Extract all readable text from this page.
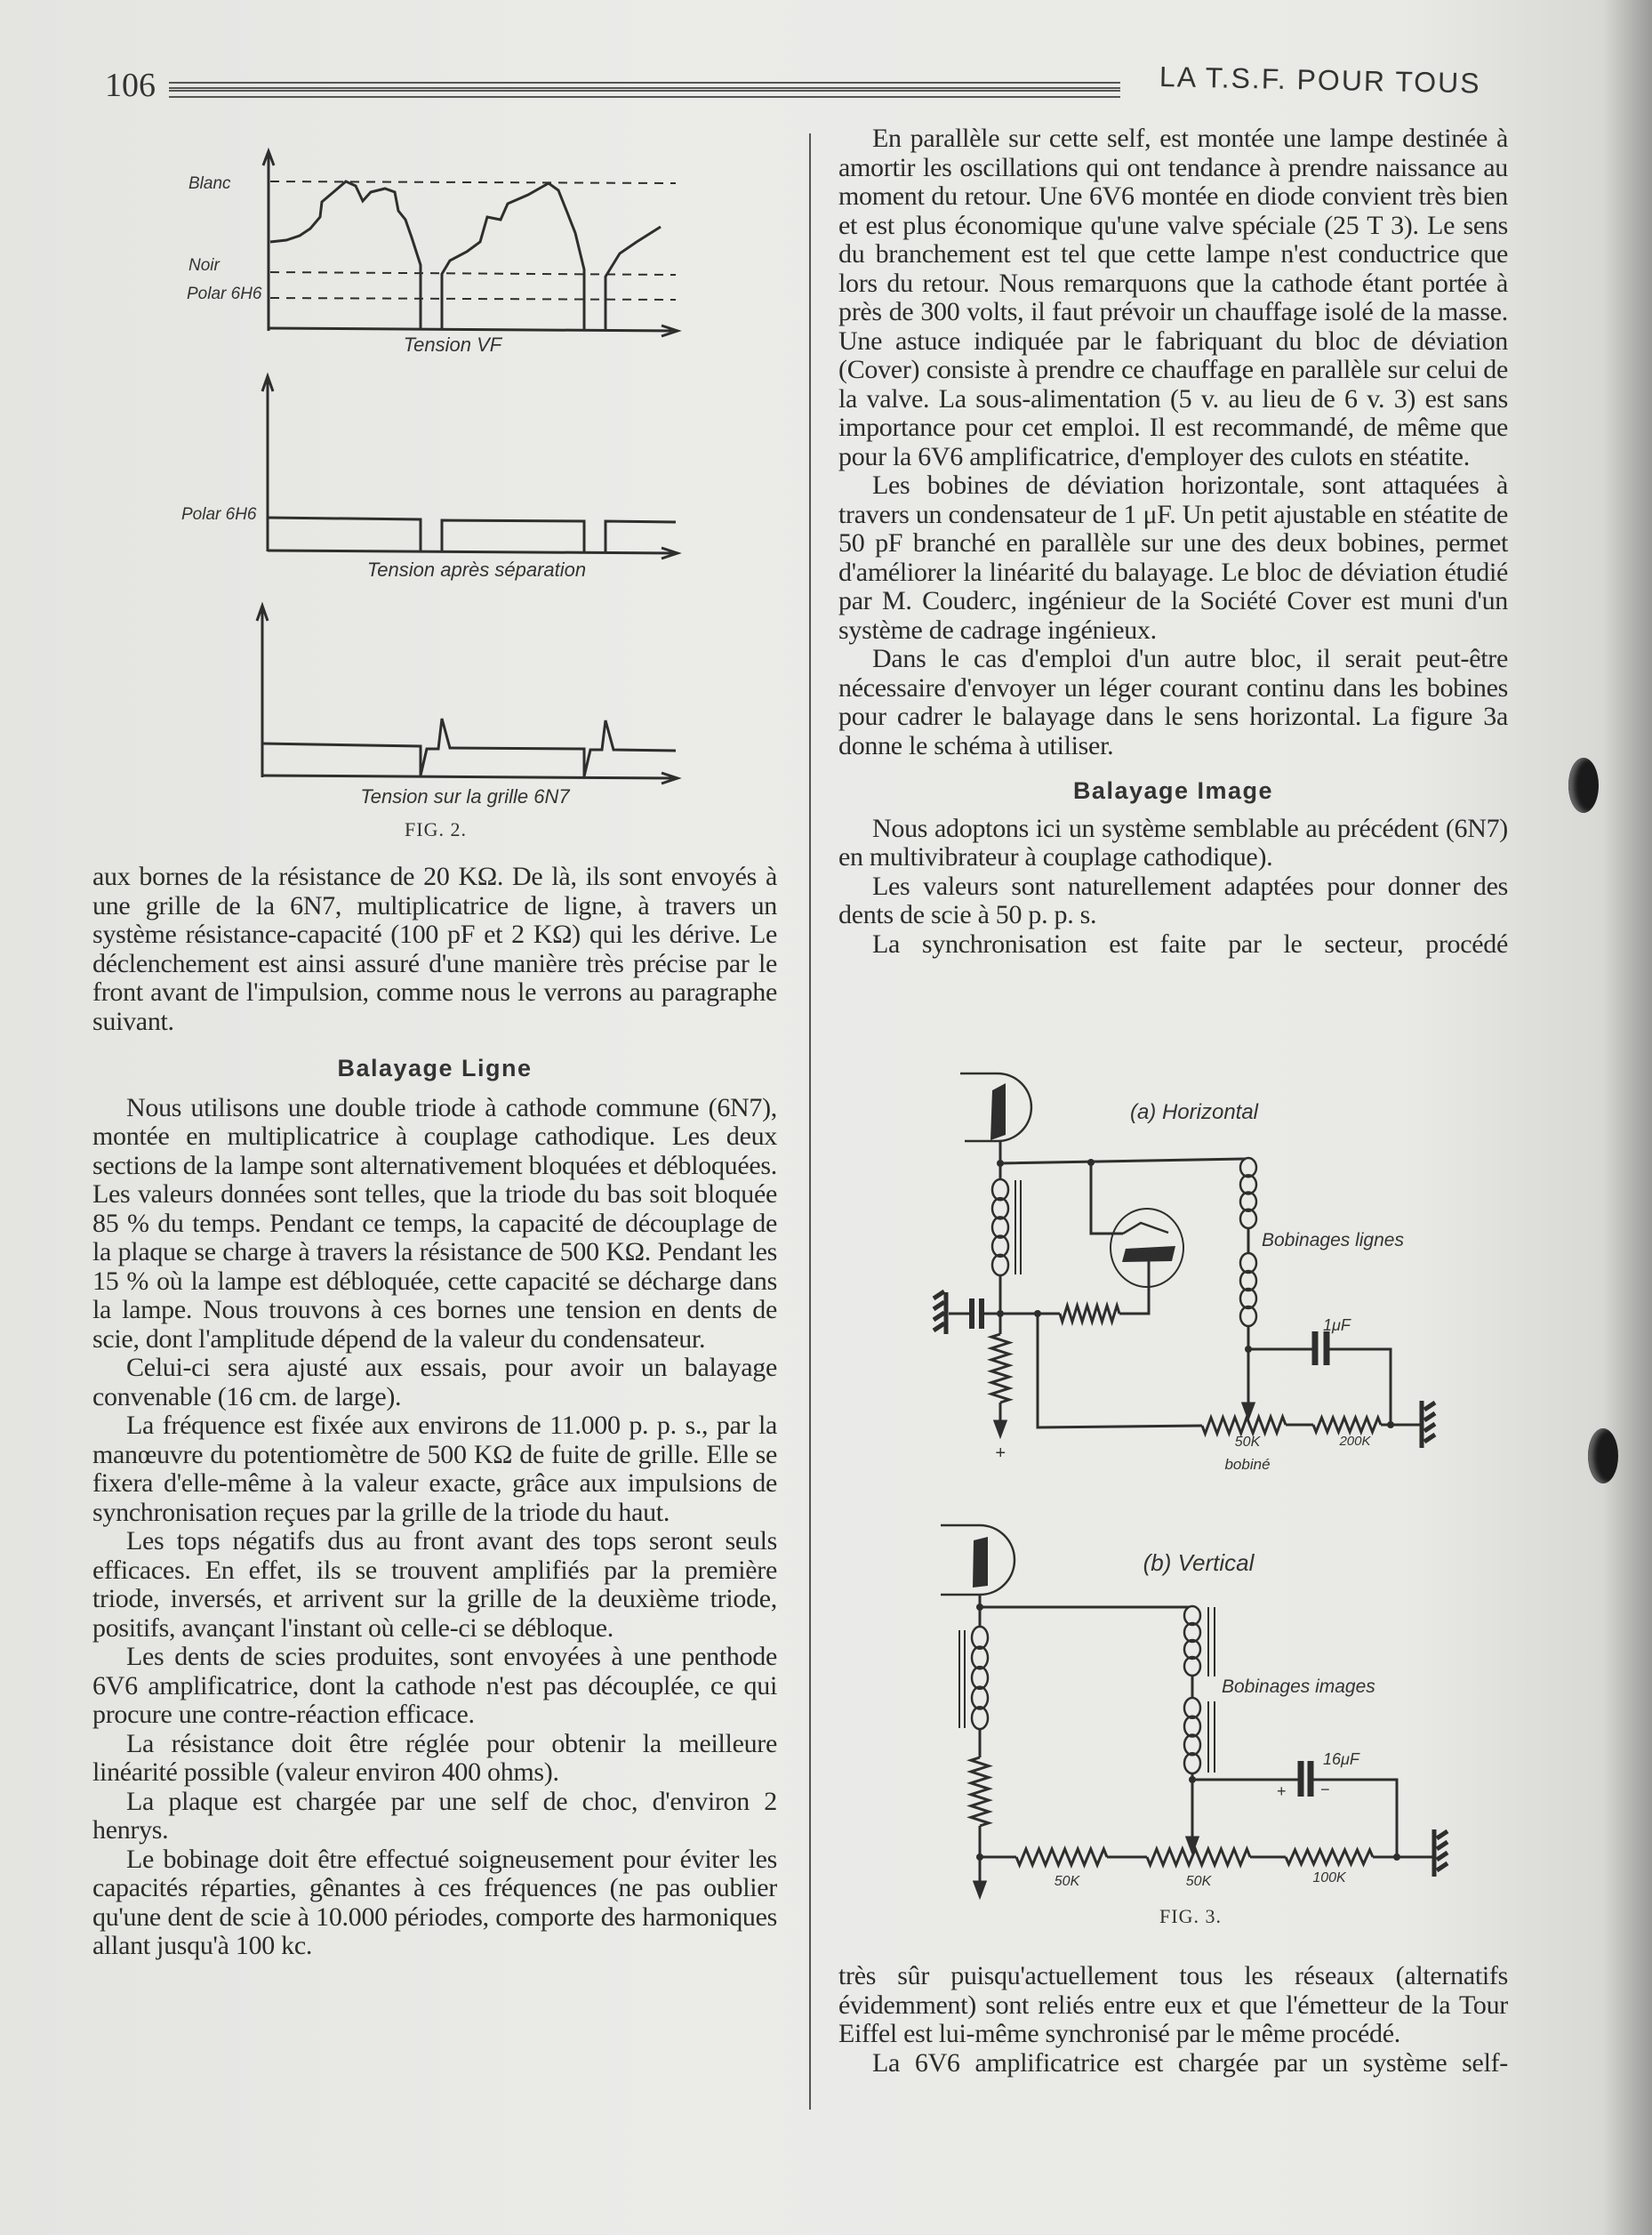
106	LA T.S.F. POUR TOUS

aux bornes de la résistance de 20 KΩ. De là, ils sont envoyés à une grille de la 6N7, multiplicatrice de ligne, à travers un système résistance-capacité (100 pF et 2 KΩ) qui les dérive. Le déclenchement est ainsi assuré d'une manière très précise par le front avant de l'impulsion, comme nous le verrons au paragraphe suivant.

Balayage Ligne

Nous utilisons une double triode à cathode commune (6N7), montée en multiplicatrice à couplage cathodique. Les deux sections de la lampe sont alternativement bloquées et débloquées. Les valeurs données sont telles, que la triode du bas soit bloquée 85 % du temps. Pendant ce temps, la capacité de découplage de la plaque se charge à travers la résistance de 500 KΩ. Pendant les 15 % où la lampe est débloquée, cette capacité se décharge dans la lampe. Nous trouvons à ces bornes une tension en dents de scie, dont l'amplitude dépend de la valeur du condensateur.

Celui-ci sera ajusté aux essais, pour avoir un balayage convenable (16 cm. de large).

La fréquence est fixée aux environs de 11.000 p. p. s., par la manœuvre du potentiomètre de 500 KΩ de fuite de grille. Elle se fixera d'elle-même à la valeur exacte, grâce aux impulsions de synchronisation reçues par la grille de la triode du haut.

Les tops négatifs dus au front avant des tops seront seuls efficaces. En effet, ils se trouvent amplifiés par la première triode, inversés, et arrivent sur la grille de la deuxième triode, positifs, avançant l'instant où celle-ci se débloque.

Les dents de scies produites, sont envoyées à une penthode 6V6 amplificatrice, dont la cathode n'est pas découplée, ce qui procure une contre-réaction efficace.

La résistance doit être réglée pour obtenir la meilleure linéarité possible (valeur environ 400 ohms).

La plaque est chargée par une self de choc, d'environ 2 henrys.

Le bobinage doit être effectué soigneusement pour éviter les capacités réparties, gênantes à ces fréquences (ne pas oublier qu'une dent de scie à 10.000 périodes, comporte des harmoniques allant jusqu'à 100 kc.

En parallèle sur cette self, est montée une lampe destinée à amortir les oscillations qui ont tendance à prendre naissance au moment du retour. Une 6V6 montée en diode convient très bien et est plus économique qu'une valve spéciale (25 T 3). Le sens du branchement est tel que cette lampe n'est conductrice que lors du retour. Nous remarquons que la cathode étant portée à près de 300 volts, il faut prévoir un chauffage isolé de la masse. Une astuce indiquée par le fabriquant du bloc de déviation (Cover) consiste à prendre ce chauffage en parallèle sur celui de la valve. La sous-alimentation (5 v. au lieu de 6 v. 3) est sans importance pour cet emploi. Il est recommandé, de même que pour la 6V6 amplificatrice, d'employer des culots en stéatite.

Les bobines de déviation horizontale, sont attaquées à travers un condensateur de 1 μF. Un petit ajustable en stéatite de 50 pF branché en parallèle sur une des deux bobines, permet d'améliorer la linéarité du balayage. Le bloc de déviation étudié par M. Couderc, ingénieur de la Société Cover est muni d'un système de cadrage ingénieux.

Dans le cas d'emploi d'un autre bloc, il serait peut-être nécessaire d'envoyer un léger courant continu dans les bobines pour cadrer le balayage dans le sens horizontal. La figure 3a donne le schéma à utiliser.

Balayage Image

Nous adoptons ici un système semblable au précédent (6N7) en multivibrateur à couplage cathodique).

Les valeurs sont naturellement adaptées pour donner des dents de scie à 50 p. p. s.

La synchronisation est faite par le secteur, procédé

très sûr puisqu'actuellement tous les réseaux (alternatifs évidemment) sont reliés entre eux et que l'émetteur de la Tour Eiffel est lui-même synchronisé par le même procédé.

La 6V6 amplificatrice est chargée par un système self-

Blanc
Noir
Polar 6H6
Tension VF
Polar 6H6
Tension après séparation
Tension sur la grille 6N7
FIG. 2.
(a) Horizontal
Bobinages lignes
1μF
50K
bobiné
200K
+
(b) Vertical
Bobinages images
16μF
+ −
50K	50K	100K
FIG. 3.
